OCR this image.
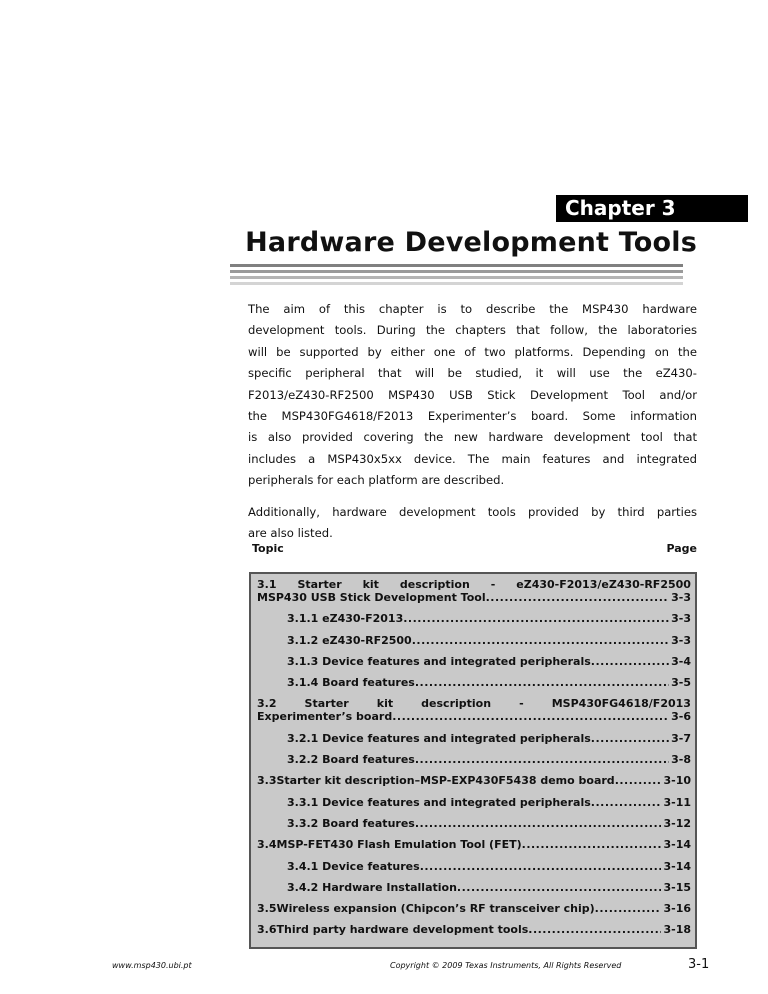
Chapter 3
Hardware Development Tools
The aim of this chapter is to describe the MSP430 hardware
development tools. During the chapters that follow, the laboratories
will be supported by either one of two platforms. Depending on the
specific peripheral that will be studied, it will use the eZ430-
F2013/eZ430-RF2500 MSP430 USB Stick Development Tool and/or
the MSP430FG4618/F2013 Experimenter’s board. Some information
is also provided covering the new hardware development tool that
includes a MSP430x5xx device. The main features and integrated
peripherals for each platform are described.
Additionally, hardware development tools provided by third parties
are also listed.
Topic	Page
3.1 Starter kit description - eZ430-F2013/eZ430-RF2500
MSP430 USB Stick Development Tool .....	3-3
3.1.1 eZ430-F2013 .....	3-3
3.1.2 eZ430-RF2500 .....	3-3
3.1.3 Device features and integrated peripherals .....	3-4
3.1.4 Board features .....	3-5
3.2	Starter	kit	description	-	MSP430FG4618/F2013
Experimenter’s board .....	3-6
3.2.1 Device features and integrated peripherals .....	3-7
3.2.2 Board features .....	3-8
3.3 Starter kit description–MSP-EXP430F5438 demo board .....	3-10
3.3.1 Device features and integrated peripherals .....	3-11
3.3.2 Board features .....	3-12
3.4 MSP-FET430 Flash Emulation Tool (FET) .....	3-14
3.4.1 Device features .....	3-14
3.4.2 Hardware Installation .....	3-15
3.5 Wireless expansion (Chipcon’s RF transceiver chip) .....	3-16
3.6 Third party hardware development tools .....	3-18
www.msp430.ubi.pt	Copyright © 2009 Texas Instruments, All Rights Reserved	3-1
